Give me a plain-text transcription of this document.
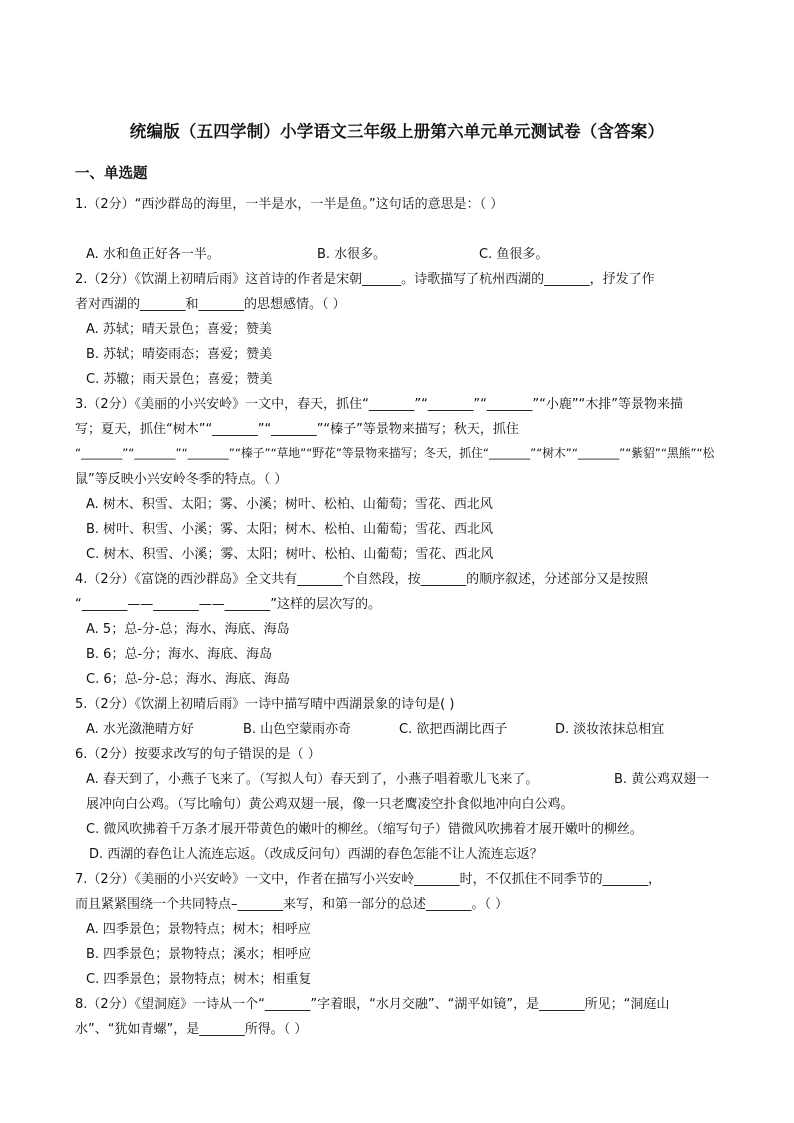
统编版（五四学制）小学语文三年级上册第六单元单元测试卷（含答案）
一、单选题
1.（2分）“西沙群岛的海里，一半是水，一半是鱼。”这句话的意思是：（ ）
A. 水和鱼正好各一半。	B. 水很多。	C. 鱼很多。
2.（2分）《饮湖上初晴后雨》这首诗的作者是宋朝______。诗歌描写了杭州西湖的_______，抒发了作
者对西湖的_______和_______的思想感情。（ ）
A. 苏轼；晴天景色；喜爱；赞美
B. 苏轼；晴姿雨态；喜爱；赞美
C. 苏辙；雨天景色；喜爱；赞美
3.（2分）《美丽的小兴安岭》一文中，春天，抓住“_______”“_______”“_______”“小鹿”“木排”等景物来描
写；夏天，抓住“树木”“_______”“_______”“榛子”等景物来描写；秋天，抓住
“_______”“_______”“_______”“榛子”“草地”“野花”等景物来描写；冬天，抓住“_______”“树木”“_______”“紫貂”“黑熊”“松
鼠”等反映小兴安岭冬季的特点。（ ）
A. 树木、积雪、太阳；雾、小溪；树叶、松柏、山葡萄；雪花、西北风
B. 树叶、积雪、小溪；雾、太阳；树木、松柏、山葡萄；雪花、西北风
C. 树木、积雪、小溪；雾、太阳；树叶、松柏、山葡萄；雪花、西北风
4.（2分）《富饶的西沙群岛》全文共有_______个自然段，按_______的顺序叙述，分述部分又是按照
“_______——_______——_______”这样的层次写的。
A. 5；总-分-总；海水、海底、海岛
B. 6；总-分；海水、海底、海岛
C. 6；总-分-总；海水、海底、海岛
5.（2分）《饮湖上初晴后雨》一诗中描写晴中西湖景象的诗句是( )
A. 水光潋滟晴方好	B. 山色空蒙雨亦奇	C. 欲把西湖比西子	D. 淡妆浓抹总相宜
6.（2分）按要求改写的句子错误的是（ ）
A. 春天到了，小燕子飞来了。（写拟人句）春天到了，小燕子唱着歌儿飞来了。	B. 黄公鸡双翅一
展冲向白公鸡。（写比喻句）黄公鸡双翅一展，像一只老鹰凌空扑食似地冲向白公鸡。
C. 微风吹拂着千万条才展开带黄色的嫩叶的柳丝。（缩写句子）错微风吹拂着才展开嫩叶的柳丝。
D. 西湖的春色让人流连忘返。（改成反问句）西湖的春色怎能不让人流连忘返？
7.（2分）《美丽的小兴安岭》一文中，作者在描写小兴安岭_______时，不仅抓住不同季节的_______，
而且紧紧围绕一个共同特点–_______来写，和第一部分的总述_______。（ ）
A. 四季景色；景物特点；树木；相呼应
B. 四季景色；景物特点；溪水；相呼应
C. 四季景色；景物特点；树木；相重复
8.（2分）《望洞庭》一诗从一个“_______”字着眼，“水月交融”、“湖平如镜”，是_______所见；“洞庭山
水”、“犹如青螺”，是_______所得。（ ）
